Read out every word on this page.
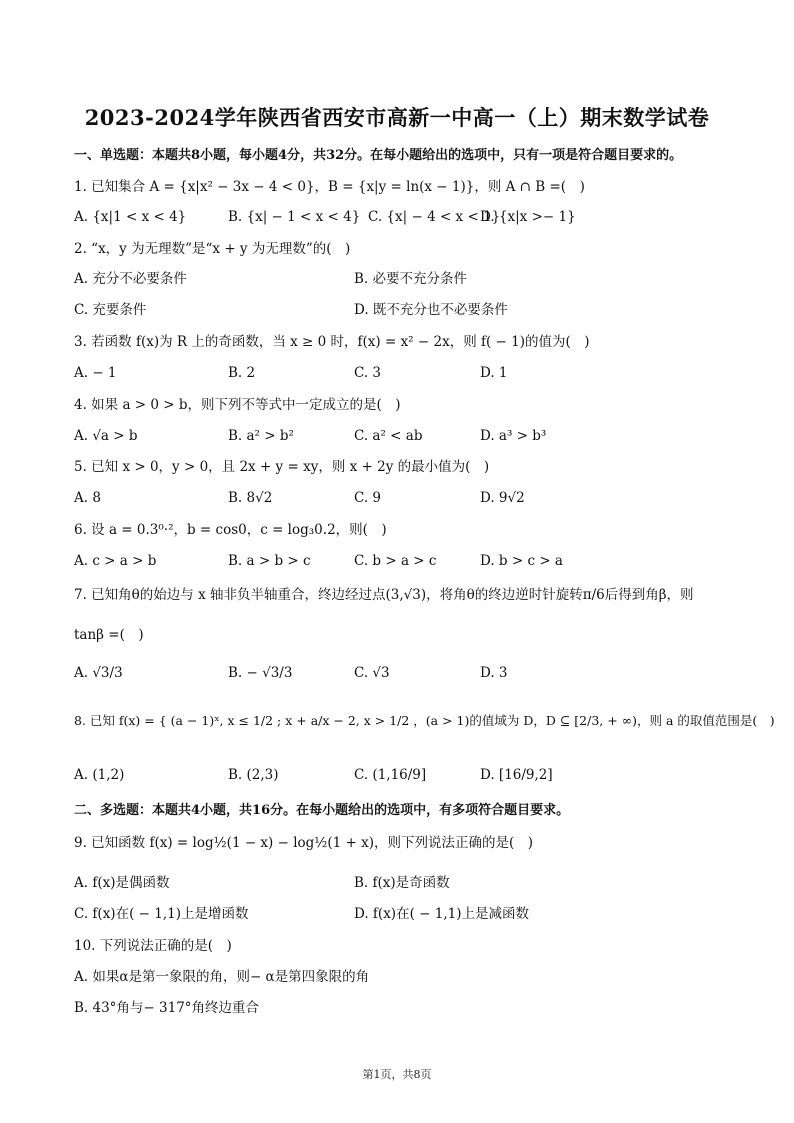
2023-2024学年陕西省西安市高新一中高一（上）期末数学试卷
一、单选题：本题共8小题，每小题4分，共32分。在每小题给出的选项中，只有一项是符合题目要求的。
1. 已知集合 A = {x|x² − 3x − 4 < 0}，B = {x|y = ln(x − 1)}，则 A ∩ B =(　)
A. {x|1 < x < 4}	B. {x| − 1 < x < 4} C. {x| − 4 < x < 1}
D. {x|x >− 1}
2. “x，y 为无理数”是“x + y 为无理数”的(　)
A. 充分不必要条件	B. 必要不充分条件
C. 充要条件	D. 既不充分也不必要条件
3. 若函数 f(x)为 R 上的奇函数，当 x ≥ 0 时，f(x) = x² − 2x，则 f( − 1)的值为(　)
A. − 1	B. 2	C. 3	D. 1
4. 如果 a > 0 > b，则下列不等式中一定成立的是(　)
A. √a > b	B. a² > b²	C. a² < ab	D. a³ > b³
5. 已知 x > 0，y > 0，且 2x + y = xy，则 x + 2y 的最小值为(　)
A. 8	B. 8√2	C. 9	D. 9√2
6. 设 a = 0.3⁰·²，b = cos0，c = log₃0.2，则(　)
A. c > a > b	B. a > b > c	C. b > a > c	D. b > c > a
7. 已知角θ的始边与 x 轴非负半轴重合，终边经过点(3,√3)，将角θ的终边逆时针旋转π/6后得到角β，则
tanβ =(　)
A. √3/3	B. − √3/3	C. √3	D. 3
8. 已知 f(x) = { (a − 1)ˣ, x ≤ 1/2 ; x + a/x − 2, x > 1/2 ，(a > 1)的值域为 D，D ⊆ [2/3, + ∞)，则 a 的取值范围是(　)
A. (1,2)	B. (2,3)	C. (1,16/9]	D. [16/9,2]
二、多选题：本题共4小题，共16分。在每小题给出的选项中，有多项符合题目要求。
9. 已知函数 f(x) = log½(1 − x) − log½(1 + x)，则下列说法正确的是(　)
A. f(x)是偶函数	B. f(x)是奇函数
C. f(x)在( − 1,1)上是增函数	D. f(x)在( − 1,1)上是减函数
10. 下列说法正确的是(　)
A. 如果α是第一象限的角，则− α是第四象限的角
B. 43°角与− 317°角终边重合
第1页，共8页
